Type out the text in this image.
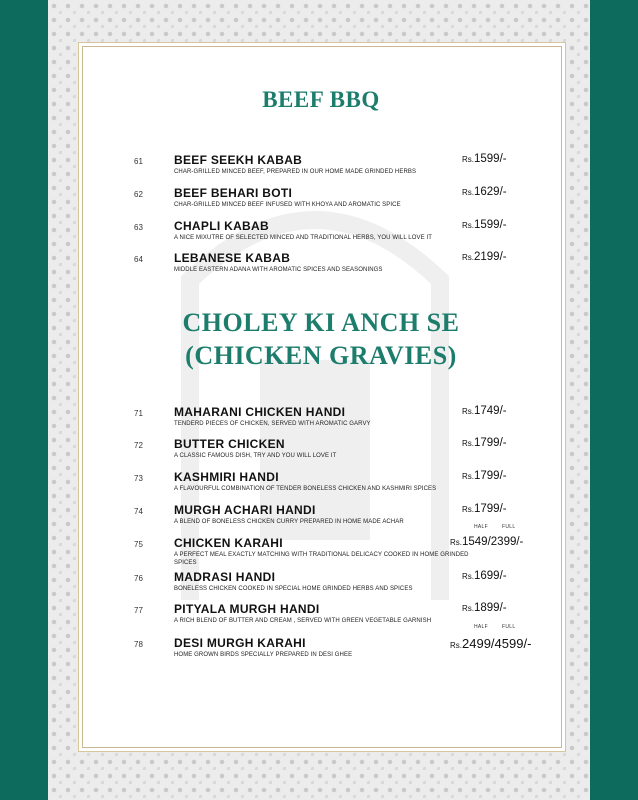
BEEF BBQ
61	BEEF SEEKH KABAB
CHAR-GRILLED MINCED BEEF, PREPARED IN OUR HOME MADE GRINDED HERBS
Rs.1599/-
62	BEEF BEHARI BOTI
CHAR-GRILLED MINCED BEEF INFUSED WITH KHOYA AND AROMATIC SPICE
Rs.1629/-
63	CHAPLI KABAB
A NICE MIXUTRE OF SELECTED MINCED AND TRADITIONAL HERBS, YOU WILL LOVE IT
Rs.1599/-
64	LEBANESE KABAB
MIDDLE EASTERN ADANA WITH AROMATIC SPICES AND SEASONINGS
Rs.2199/-
CHOLEY KI ANCH SE
(CHICKEN GRAVIES)
71	MAHARANI CHICKEN HANDI
TENDERD PIECES OF CHICKEN, SERVED WITH AROMATIC GARVY
Rs.1749/-
72	BUTTER CHICKEN
A CLASSIC FAMOUS DISH, TRY AND YOU WILL LOVE IT
Rs.1799/-
73	KASHMIRI HANDI
A FLAVOURFUL COMBINATION OF TENDER BONELESS CHICKEN AND KASHMIRI SPICES
Rs.1799/-
74	MURGH ACHARI HANDI
A BLEND OF BONELESS CHICKEN CURRY PREPARED IN HOME MADE ACHAR
Rs.1799/-
75	CHICKEN KARAHI
A PERFECT MEAL EXACTLY MATCHING WITH TRADITIONAL DELICACY COOKED IN HOME GRINDED SPICES
Rs.1549/2399/-
HALF	FULL
76	MADRASI HANDI
BONELESS CHICKEN COOKED IN SPECIAL HOME GRINDED HERBS AND SPICES
Rs.1699/-
77	PITYALA MURGH HANDI
A RICH BLEND OF BUTTER AND CREAM , SERVED WITH GREEN VEGETABLE GARNISH
Rs.1899/-
78	DESI MURGH KARAHI
HOME GROWN BIRDS SPECIALLY PREPARED IN DESI GHEE
Rs.2499/4599/-
HALF	FULL
